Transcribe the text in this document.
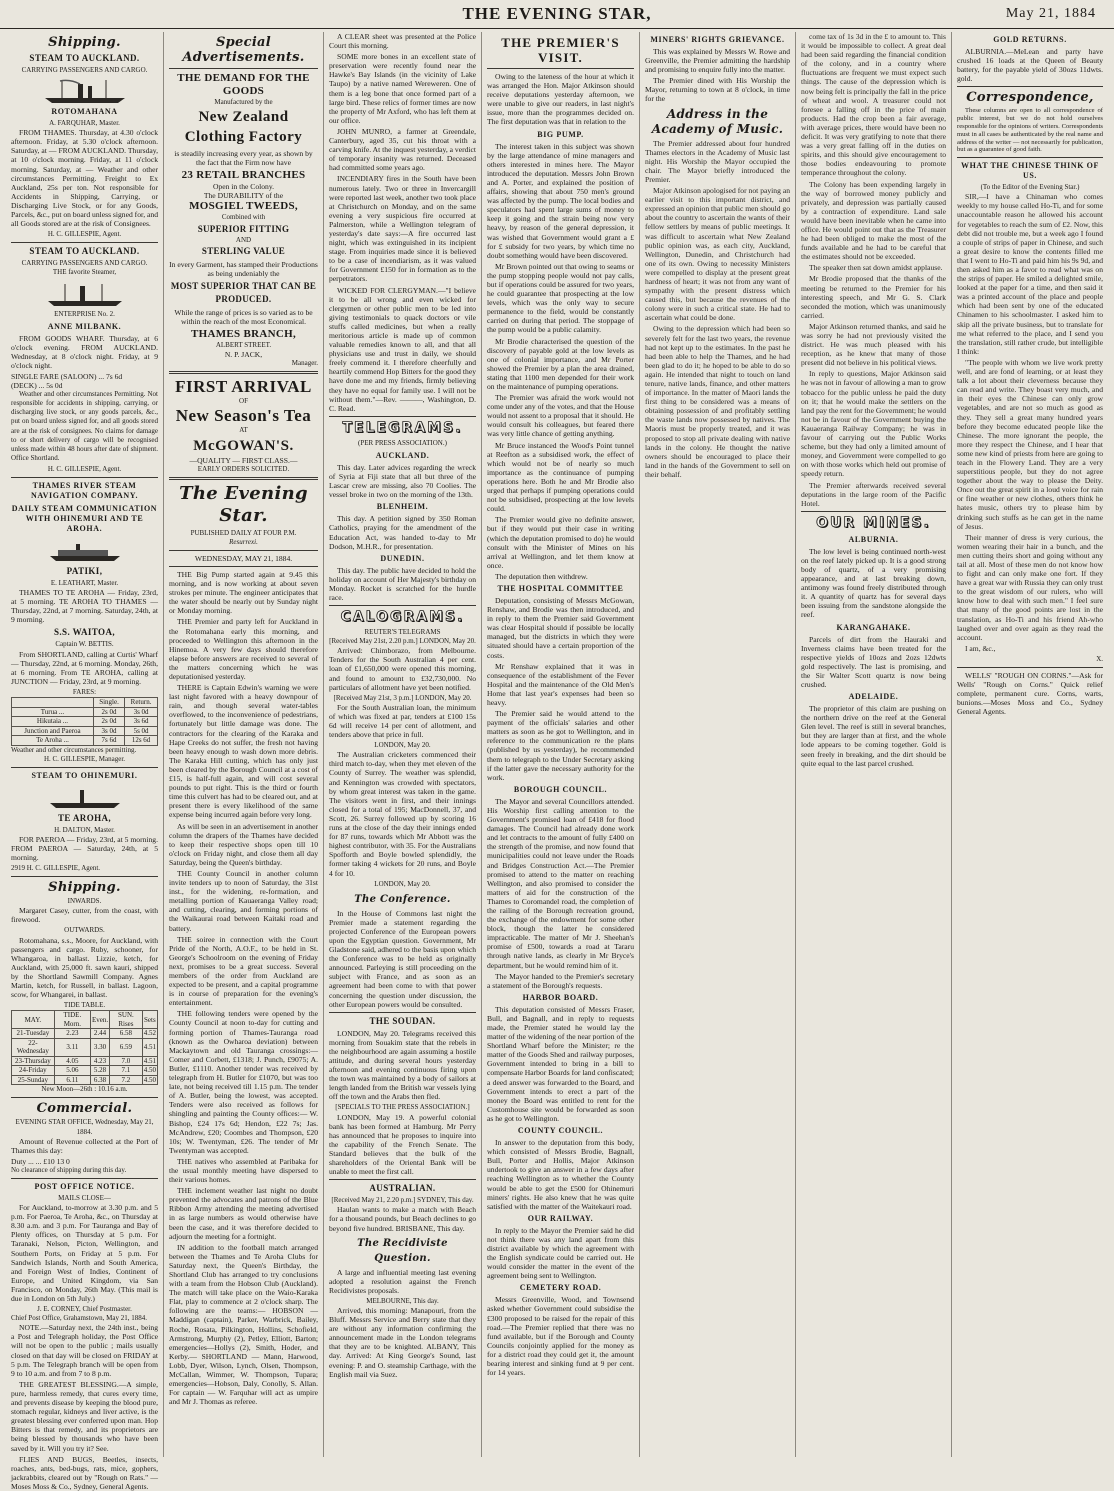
THE EVENING STAR,	May 21, 1884
Shipping.
STEAM TO AUCKLAND.
CARRYING PASSENGERS AND CARGO.
ROTOMAHANA
A. FARQUHAR, Master.

FROM THAMES. Thursday, at 4.30 o'clock afternoon. Friday, at 5.30 o'clock afternoon. Saturday, at — FROM AUCKLAND. Thursday, at 10 o'clock morning. Friday, at 11 o'clock morning. Saturday, at — Weather and other circumstances Permitting. Freight to Ex Auckland, 25s per ton. Not responsible for Accidents in Shipping, Carrying, or Discharging Live Stock, or for any Goods, Parcels, &c., put on board unless signed for, and all Goods stored are at the risk of Consignees.

H. C. GILLESPIE, Agent.
STEAM TO AUCKLAND.
CARRYING PASSENGERS AND CARGO.
THE favorite Steamer,
ENTERPRISE No. 2.
ANNE MILBANK.

FROM GOODS WHARF. Thursday, at 6 o'clock evening. FROM AUCKLAND. Wednesday, at 8 o'clock night. Friday, at 9 o'clock night.

SINGLE FARE (SALOON) ... 7s 6d
(DECK) ... 5s 0d

Weather and other circumstances Permitting. Not responsible for accidents in shipping, carrying, or discharging live stock, or any goods parcels, &c., put on board unless signed for, and all goods stored are at the risk of consignees. No claims for damage to or short delivery of cargo will be recognised unless made within 48 hours after date of shipment. Office Shortland.

H. C. GILLESPIE, Agent.
THAMES RIVER STEAM NAVIGATION COMPANY.
DAILY STEAM COMMUNICATION WITH OHINEMURI AND TE AROHA.
PATIKI,
E. LEATHART, Master.

THAMES TO TE AROHA — Friday, 23rd, at 5 morning. TE AROHA TO THAMES — Thursday, 22nd, at 7 morning. Saturday, 24th, at 9 morning.

S.S. WAITOA,
Captain W. BETTIS.

From SHORTLAND, calling at Curtis' Wharf — Thursday, 22nd, at 6 morning. Monday, 26th, at 6 morning. From TE AROHA, calling at JUNCTION — Friday, 23rd, at 9 morning.

FARES:
	Single.	Return.
Turua ...	2s 0d	3s 0d
Hikutaia ...	2s 0d	3s 6d
Junction and Paeroa	3s 0d	5s 0d
Te Aroha ...	7s 6d	12s 6d
Weather and other circumstances permitting.
H. C. GILLESPIE, Manager.
STEAM TO OHINEMURI.
TE AROHA,
H. DALTON, Master.

FOR PAEROA — Friday, 23rd, at 5 morning. FROM PAEROA — Saturday, 24th, at 5 morning.

2919 H. C. GILLESPIE, Agent.
Shipping.
INWARDS.

Margaret Casey, cutter, from the coast, with firewood.

OUTWARDS.

Rotomahana, s.s., Moore, for Auckland, with passengers and cargo. Ruby, schooner, for Whangaroa, in ballast. Lizzie, ketch, for Auckland, with 25,000 ft. sawn kauri, shipped by the Shortland Sawmill Company. Agnes Martin, ketch, for Russell, in ballast. Lagoon, scow, for Whangarei, in ballast.

TIDE TABLE.
MAY.	TIDE. Morn.	Even.	SUN. Rises	Sets
21-Tuesday	2.23	2.44	6.58	4.52
22-Wednesday	3.11	3.30	6.59	4.51
23-Thursday	4.05	4.23	7.0	4.51
24-Friday	5.06	5.28	7.1	4.50
25-Sunday	6.11	6.38	7.2	4.50
New Moon—26th : 10.16 a.m.
Commercial.
EVENING STAR OFFICE, Wednesday, May 21, 1884.

Amount of Revenue collected at the Port of Thames this day:

Duty ... ... £10 13 0
No clearance of shipping during this day.
POST OFFICE NOTICE.
MAILS CLOSE—

For Auckland, to-morrow at 3.30 p.m. and 5 p.m. For Paeroa, Te Aroha, &c., on Thursday at 8.30 a.m. and 3 p.m. For Tauranga and Bay of Plenty offices, on Thursday at 5 p.m. For Taranaki, Nelson, Picton, Wellington, and Southern Ports, on Friday at 5 p.m. For Sandwich Islands, North and South America, and Foreign West of Indies, Continent of Europe, and United Kingdom, via San Francisco, on Monday, 26th May. (This mail is due in London on 5th July.)

J. E. CORNEY, Chief Postmaster.
Chief Post Office, Grahamstown, May 21, 1884.

NOTE.—Saturday next, the 24th inst., being a Post and Telegraph holiday, the Post Office will not be open to the public ; mails usually closed on that day will be closed on FRIDAY at 5 p.m. The Telegraph branch will be open from 9 to 10 a.m. and from 7 to 8 p.m.

THE GREATEST BLESSING.—A simple, pure, harmless remedy, that cures every time, and prevents disease by keeping the blood pure, stomach regular, kidneys and liver active, is the greatest blessing ever conferred upon man. Hop Bitters is that remedy, and its proprietors are being blessed by thousands who have been saved by it. Will you try it? See.

FLIES AND BUGS, Beetles, insects, roaches, ants, bed-bugs, rats, mice, gophers, jackrabbits, cleared out by "Rough on Rats." — Moses Moss & Co., Sydney, General Agents.

Special Advertisements.
THE DEMAND FOR THE GOODS
Manufactured by the
New Zealand Clothing Factory

is steadily increasing every year, as shown by the fact that the Firm now have

23 RETAIL BRANCHES
Open in the Colony.
The DURABILITY of the
MOSGIEL TWEEDS,
Combined with
SUPERIOR FITTING
AND
STERLING VALUE

In every Garment, has stamped their Productions as being undeniably the

MOST SUPERIOR THAT CAN BE PRODUCED.

While the range of prices is so varied as to be within the reach of the most Economical.

THAMES BRANCH,
ALBERT STREET.
N. P. JACK,
Manager.
FIRST ARRIVAL
OF
New Season's Tea
AT
McGOWAN'S.
—QUALITY — FIRST CLASS.—
EARLY ORDERS SOLICITED.
The Evening Star.
PUBLISHED DAILY AT FOUR P.M.
Resurrexi.
WEDNESDAY, MAY 21, 1884.

THE Big Pump started again at 9.45 this morning, and is now working at about seven strokes per minute. The engineer anticipates that the water should be nearly out by Sunday night or Monday morning.

THE Premier and party left for Auckland in the Rotomahana early this morning, and proceeded to Wellington this afternoon in the Hinemoa. A very few days should therefore elapse before answers are received to several of the matters concerning which he was deputationised yesterday.

THERE is Captain Edwin's warning we were last night favored with a heavy downpour of rain, and though several water-tables overflowed, to the inconvenience of pedestrians, fortunately but little damage was done. The contractors for the clearing of the Karaka and Hape Creeks do not suffer, the fresh not having been heavy enough to wash down more debris. The Karaka Hill cutting, which has only just been cleared by the Borough Council at a cost of £15, is half-full again, and will cost several pounds to put right. This is the third or fourth time this culvert has had to be cleared out, and at present there is every likelihood of the same expense being incurred again before very long.

As will be seen in an advertisement in another column the drapers of the Thames have decided to keep their respective shops open till 10 o'clock on Friday night, and close them all day Saturday, being the Queen's birthday.

THE County Council in another column invite tenders up to noon of Saturday, the 31st inst., for the widening, re-formation, and metalling portion of Kauaeranga Valley road; and cutting, clearing, and forming portions of the Waikaurai road between Kaitaki road and battery.

THE soiree in connection with the Court Pride of the North, A.O.F., to be held in St. George's Schoolroom on the evening of Friday next, promises to be a great success. Several members of the order from Auckland are expected to be present, and a capital programme is in course of preparation for the evening's entertainment.

THE following tenders were opened by the County Council at noon to-day for cutting and forming portion of Thames-Tauranga road (known as the Owharoa deviation) between Mackaytown and old Tauranga crossings:—Comer and Corbett, £1318; J. Punch, £9075; A. Butler, £1110. Another tender was received by telegraph from H. Butler for £1070, but was too late, not being received till 1.15 p.m. The tender of A. Butler, being the lowest, was accepted. Tenders were also received as follows for shingling and painting the County offices:— W. Bishop, £24 17s 6d; Hendon, £22 7s; Jas. McAndrew, £20; Coombes and Thompson, £20 10s; W. Twentyman, £26. The tender of Mr Twentyman was accepted.

THE natives who assembled at Paribaka for the usual monthly meeting have dispersed to their various homes.

THE inclement weather last night no doubt prevented the advocates and patrons of the Blue Ribbon Army attending the meeting advertised in as large numbers as would otherwise have been the case, and it was therefore decided to adjourn the meeting for a fortnight.

IN addition to the football match arranged between the Thames and Te Aroha Clubs for Saturday next, the Queen's Birthday, the Shortland Club has arranged to try conclusions with a team from the Hobson Club (Auckland). The match will take place on the Waio-Karaka Flat, play to commence at 2 o'clock sharp. The following are the teams:— HOBSON — Maddigan (captain), Parker, Warbrick, Bailey, Roche, Rosata, Pilkington, Hollins, Schofield, Armstrong, Murphy (2), Petley, Elliott, Barton; emergencies—Hollys (2), Smith, Hoder, and Kerby.— SHORTLAND — Mann, Harwood, Lobb, Dyer, Wilson, Lynch, Olsen, Thompson, McCallan, Wimmer, W. Thompson, Tupara; emergencies—Hobson, Daly, Conolly, S. Allan. For captain — W. Farquhar will act as umpire and Mr J. Thomas as referee.

A CLEAR sheet was presented at the Police Court this morning.

SOME more bones in an excellent state of preservation were recently found near the Hawke's Bay Islands (in the vicinity of Lake Taupo) by a native named Wereweren. One of them is a leg bone that once formed part of a large bird. These relics of former times are now the property of Mr Axford, who has left them at our office.

JOHN MUNRO, a farmer at Greendale, Canterbury, aged 35, cut his throat with a carving knife. At the inquest yesterday, a verdict of temporary insanity was returned. Deceased had committed some years ago.

INCENDIARY fires in the South have been numerous lately. Two or three in Invercargill were reported last week, another two took place at Christchurch on Monday, and on the same evening a very suspicious fire occurred at Palmerston, while a Wellington telegram of yesterday's date says:—A fire occurred last night, which was extinguished in its incipient stage. From inquiries made since it is believed to be a case of incendiarism, as it was valued for Government £150 for in formation as to the perpetrators.

WICKED FOR CLERGYMAN.—"I believe it to be all wrong and even wicked for clergymen or other public men to be led into giving testimonials to quack doctors or vile stuffs called medicines, but when a really meritorious article is made up of common valuable remedies known to all, and that all physicians use and trust in daily, we should freely commend it. I therefore cheerfully and heartily commend Hop Bitters for the good they have done me and my friends, firmly believing they have no equal for family use. I will not be without them."—Rev. ———, Washington, D. C. Read.

TELEGRAMS.
(PER PRESS ASSOCIATION.)
AUCKLAND.

This day. Later advices regarding the wreck of Syria at Fiji state that all but three of the Lascar crew are missing, also 70 Coolies. The vessel broke in two on the morning of the 13th.

BLENHEIM.

This day. A petition signed by 350 Roman Catholics, praying for the amendment of the Education Act, was handed to-day to Mr Dodson, M.H.R., for presentation.

DUNEDIN.

This day. The public have decided to hold the holiday on account of Her Majesty's birthday on Monday. Rocket is scratched for the hurdle race.

CALOGRAMS.
REUTER'S TELEGRAMS
[Received May 21st, 2.20 p.m.] LONDON, May 20.

Arrived: Chimborazo, from Melbourne. Tenders for the South Australian 4 per cent. loan of £1,650,000 were opened this morning, and found to amount to £32,730,000. No particulars of allotment have yet been notified.

[Received May 21st, 3 p.m.] LONDON, May 20.

For the South Australian loan, the minimum of which was fixed at par, tenders at £100 15s 6d will receive 14 per cent of allotment, and tenders above that price in full.

LONDON, May 20.

The Australian cricketers commenced their third match to-day, when they met eleven of the County of Surrey. The weather was splendid, and Kennington was crowded with spectators, by whom great interest was taken in the game. The visitors went in first, and their innings closed for a total of 195; MacDonnell, 37, and Scott, 26. Surrey followed up by scoring 16 runs at the close of the day their innings ended for 87 runs, towards which Mr Abbott was the highest contributor, with 35. For the Australians Spofforth and Boyle bowled splendidly, the former taking 4 wickets for 20 runs, and Boyle 4 for 10.

LONDON, May 20.
The Conference.

In the House of Commons last night the Premier made a statement regarding the projected Conference of the European powers upon the Egyptian question. Government, Mr Gladstone said, adhered to the basis upon which the Conference was to be held as originally announced. Parleying is still proceeding on the subject with France, and as soon as an agreement had been come to with that power concerning the question under discussion, the other European powers would be consulted.

THE SOUDAN.

LONDON, May 20. Telegrams received this morning from Souakim state that the rebels in the neighbourhood are again assuming a hostile attitude, and during several hours yesterday afternoon and evening continuous firing upon the town was maintained by a body of sailors at length landed from the British war vessels lying off the town and the Arabs then fled.

[SPECIALS TO THE PRESS ASSOCIATION.]

LONDON, May 19. A powerful colonial bank has been formed at Hamburg. Mr Perry has announced that he proposes to inquire into the capability of the French Senate. The Standard believes that the bulk of the shareholders of the Oriental Bank will be unable to meet the first call.

AUSTRALIAN.
[Received May 21, 2.20 p.m.] SYDNEY, This day.

Haulan wants to make a match with Beach for a thousand pounds, but Beach declines to go beyond five hundred. BRISBANE, This day.

The Recidiviste Question.

A large and influential meeting last evening adopted a resolution against the French Recidivistes proposals.

MELBOURNE, This day.

Arrived, this morning: Manapouri, from the Bluff. Messrs Service and Berry state that they are without any information confirming the announcement made in the London telegrams that they are to be knighted. ALBANY, This day. Arrived: At King George's Sound, last evening: P. and O. steamship Carthage, with the English mail via Suez.

THE PREMIER'S VISIT.

Owing to the lateness of the hour at which it was arranged the Hon. Major Atkinson should receive deputations yesterday afternoon, we were unable to give our readers, in last night's issue, more than the programmes decided on. The first deputation was that in relation to the

BIG PUMP.

The interest taken in this subject was shown by the large attendance of mine managers and others interested in mines here. The Mayor introduced the deputation. Messrs John Brown and A. Porter, and explained the position of affairs, showing that about 750 men's ground was affected by the pump. The local bodies and speculators had spent large sums of money to keep it going and the strain being now very heavy, by reason of the general depression, it was wished that Government would grant a £ for £ subsidy for two years, by which time no doubt something would have been discovered.

Mr Brown pointed out that owing to seams or the pump stopping people would not pay calls, but if operations could be assured for two years, he could guarantee that prospecting at the low levels, which was the only way to secure permanence to the field, would be constantly carried on during that period. The stoppage of the pump would be a public calamity.

Mr Brodie characterised the question of the discovery of payable gold at the low levels as one of colonial importance, and Mr Porter showed the Premier by a plan the area drained, stating that 1100 men depended for their work on the maintenance of pumping operations.

The Premier was afraid the work would not come under any of the votes, and that the House would not assent to a proposal that it should. He would consult his colleagues, but feared there was very little chance of getting anything.

Mr Bruce instanced the Wood's Point tunnel at Reefton as a subsidised work, the effect of which would not be of nearly so much importance as the continuance of pumping operations here. Both he and Mr Brodie also urged that perhaps if pumping operations could not be subsidised, prospecting at the low levels could.

The Premier would give no definite answer, but if they would put their case in writing (which the deputation promised to do) he would consult with the Minister of Mines on his arrival at Wellington, and let them know at once.

The deputation then withdrew.

THE HOSPITAL COMMITTEE

Deputation, consisting of Messrs McGowan, Renshaw, and Brodie was then introduced, and in reply to them the Premier said Government was clear Hospital should if possible be locally managed, but the districts in which they were situated should have a certain proportion of the costs.

Mr Renshaw explained that it was in consequence of the establishment of the Fever Hospital and the maintenance of the Old Men's Home that last year's expenses had been so heavy.

The Premier said he would attend to the payment of the officials' salaries and other matters as soon as he got to Wellington, and in reference to the communication re the plans (published by us yesterday), he recommended them to telegraph to the Under Secretary asking if the latter gave the necessary authority for the work.

BOROUGH COUNCIL.

The Mayor and several Councillors attended. His Worship first calling attention to the Government's promised loan of £418 for flood damages. The Council had already done work and let contracts to the amount of fully £400 on the strength of the promise, and now found that municipalities could not leave under the Roads and Bridges Construction Act.—The Premier promised to attend to the matter on reaching Wellington, and also promised to consider the matters of aid for the construction of the Thames to Coromandel road, the completion of the railing of the Borough recreation ground, the exchange of the endowment for some other block, though the latter he considered impracticable. The matter of Mr J. Sheehan's promise of £500, towards a road at Tararu through native lands, as clearly in Mr Bryce's department, but he would remind him of it.

The Mayor handed to the Premier's secretary a statement of the Borough's requests.

HARBOR BOARD.

This deputation consisted of Messrs Fraser, Bull, and Bagnall, and in reply to requests made, the Premier stated he would lay the matter of the widening of the near portion of the Shortland Wharf before the Minister; re the matter of the Goods Shed and railway purposes, Government intended to bring in a bill to compensate Harbor Boards for land confiscated; a deed answer was forwarded to the Board, and Government intends to erect a part of the money the Board was entitled to rent for the Customhouse site would be forwarded as soon as he got to Wellington.

COUNTY COUNCIL.

In answer to the deputation from this body, which consisted of Messrs Brodie, Bagnall, Bull, Porter and Hollis, Major Atkinson undertook to give an answer in a few days after reaching Wellington as to whether the County would be able to get the £500 for Ohinemuri miners' rights. He also knew that he was quite satisfied with the matter of the Waitekauri road.

OUR RAILWAY.

In reply to the Mayor the Premier said he did not think there was any land apart from this district available by which the agreement with the English syndicate could be carried out. He would consider the matter in the event of the agreement being sent to Wellington.

CEMETERY ROAD.

Messrs Greenville, Wood, and Townsend asked whether Government could subsidise the £300 proposed to be raised for the repair of this road.—The Premier replied that there was no fund available, but if the Borough and County Councils conjointly applied for the money as for a district road they could get it, the amount bearing interest and sinking fund at 9 per cent. for 14 years.

MINERS' RIGHTS GRIEVANCE.

This was explained by Messrs W. Rowe and Greenville, the Premier admitting the hardship and promising to enquire fully into the matter.

The Premier dined with His Worship the Mayor, returning to town at 8 o'clock, in time for the

Address in the Academy of Music.

The Premier addressed about four hundred Thames electors in the Academy of Music last night. His Worship the Mayor occupied the chair. The Mayor briefly introduced the Premier.

Major Atkinson apologised for not paying an earlier visit to this important district, and expressed an opinion that public men should go about the country to ascertain the wants of their fellow settlers by means of public meetings. It was difficult to ascertain what New Zealand public opinion was, as each city, Auckland, Wellington, Dunedin, and Christchurch had one of its own. Owing to necessity Ministers were compelled to display at the present great hardness of heart; it was not from any want of sympathy with the present distress which caused this, but because the revenues of the colony were in such a critical state. He had to ascertain what could be done.

Owing to the depression which had been so severely felt for the last two years, the revenue had not kept up to the estimates. In the past he had been able to help the Thames, and he had been glad to do it; he hoped to be able to do so again. He intended that night to touch on land tenure, native lands, finance, and other matters of importance. In the matter of Maori lands the first thing to be considered was a means of obtaining possession of and profitably settling the waste lands now possessed by natives. The Maoris must be properly treated, and it was proposed to stop all private dealing with native lands in the colony. He thought the native owners should be encouraged to place their land in the hands of the Government to sell on their behalf.

come tax of 1s 3d in the £ to amount to. This it would be impossible to collect. A great deal had been said regarding the financial condition of the colony, and in a country where fluctuations are frequent we must expect such things. The cause of the depression which is now being felt is principally the fall in the price of wheat and wool. A treasurer could not foresee a falling off in the price of main products. Had the crop been a fair average, with average prices, there would have been no deficit. It was very gratifying to note that there was a very great falling off in the duties on spirits, and this should give encouragement to those bodies endeavouring to promote temperance throughout the colony.

The Colony has been expending largely in the way of borrowed money publicly and privately, and depression was partially caused by a contraction of expenditure. Land sale would have been inevitable when he came into office. He would point out that as the Treasurer he had been obliged to make the most of the funds available and he had to be careful that the estimates should not be exceeded.

The speaker then sat down amidst applause.

Mr Brodie proposed that the thanks of the meeting be returned to the Premier for his interesting speech, and Mr G. S. Clark seconded the motion, which was unanimously carried.

Major Atkinson returned thanks, and said he was sorry he had not previously visited the district. He was much pleased with his reception, as he knew that many of those present did not believe in his political views.

In reply to questions, Major Atkinson said he was not in favour of allowing a man to grow tobacco for the public unless he paid the duty on it; that he would make the settlers on the land pay the rent for the Government; he would not be in favour of the Government buying the Kauaeranga Railway Company; he was in favour of carrying out the Public Works scheme, but they had only a limited amount of money, and Government were compelled to go on with those works which held out promise of speedy return.

The Premier afterwards received several deputations in the large room of the Pacific Hotel.

OUR MINES.
ALBURNIA.

The low level is being continued north-west on the reef lately picked up. It is a good strong body of quartz, of a very promising appearance, and at last breaking down, antimony was found freely distributed through it. A quantity of quartz has for several days been issuing from the sandstone alongside the reef.

KARANGAHAKE.

Parcels of dirt from the Hauraki and Inverness claims have been treated for the respective yields of 10ozs and 2ozs 12dwts gold respectively. The last is promising, and the Sir Walter Scott quartz is now being crushed.

ADELAIDE.

The proprietor of this claim are pushing on the northern drive on the reef at the General Glen level. The reef is still in several branches, but they are larger than at first, and the whole lode appears to be coming together. Gold is seen freely in breaking, and the dirt should be quite equal to the last parcel crushed.

GOLD RETURNS.

ALBURNIA.—MeLean and party have crushed 16 loads at the Queen of Beauty battery, for the payable yield of 30ozs 11dwts. gold.

Correspondence,

These columns are open to all correspondence of public interest, but we do not hold ourselves responsible for the opinions of writers. Correspondents must in all cases be authenticated by the real name and address of the writer — not necessarily for publication, but as a guarantee of good faith.

WHAT THE CHINESE THINK OF US.
(To the Editor of the Evening Star.)

SIR,—I have a Chinaman who comes weekly to my house called Ho-Ti, and for some unaccountable reason he allowed his account for vegetables to reach the sum of £2. Now, this debt did not trouble me, but a week ago I found a couple of strips of paper in Chinese, and such a great desire to know the contents filled me that I went to Ho-Ti and paid him his 9s 9d, and then asked him as a favor to read what was on the strips of paper. He smiled a delighted smile, looked at the paper for a time, and then said it was a printed account of the place and people which had been sent by one of the educated Chinamen to his schoolmaster. I asked him to skip all the private business, but to translate for me what referred to the place, and I send you the translation, still rather crude, but intelligible I think:

"The people with whom we live work pretty well, and are fond of learning, or at least they talk a lot about their cleverness because they can read and write. They boast very much, and in their eyes the Chinese can only grow vegetables, and are not so much as good as they. They sell a great many hundred years before they become educated people like the Chinese. The more ignorant the people, the more they respect the Chinese, and I hear that some new kind of priests from here are going to teach in the Flowery Land. They are a very superstitious people, but they do not agree together about the way to please the Deity. Once out the great spirit in a loud voice for rain or fine weather or new clothes, others think he hates music, others try to please him by drinking such stuffs as he can get in the name of Jesus.

Their manner of dress is very curious, the women wearing their hair in a bunch, and the men cutting theirs short and going without any tail at all. Most of these men do not know how to fight and can only make one fort. If they have a great war with Russia they can only trust to the great wisdom of our rulers, who will know how to deal with such men." I feel sure that many of the good points are lost in the translation, as Ho-Ti and his friend Ah-who laughed over and over again as they read the account.

I am, &c.,

X.

WELLS' "ROUGH ON CORNS."—Ask for Wells' "Rough on Corns." Quick relief complete, permanent cure. Corns, warts, bunions.—Moses Moss and Co., Sydney General Agents.
